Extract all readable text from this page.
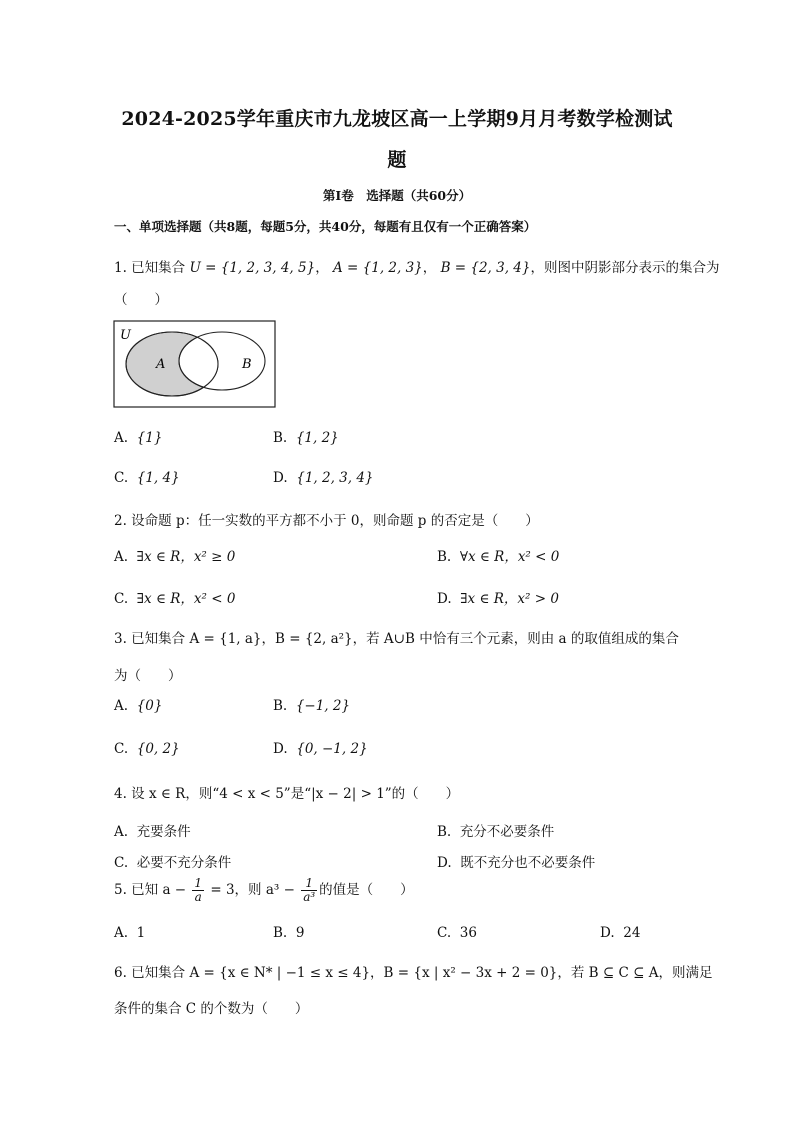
2024-2025学年重庆市九龙坡区高一上学期9月月考数学检测试
题
第I卷　选择题（共60分）
一、单项选择题（共8题，每题5分，共40分，每题有且仅有一个正确答案）
1. 已知集合 U = {1, 2, 3, 4, 5}， A = {1, 2, 3}， B = {2, 3, 4}，则图中阴影部分表示的集合为
（　　）
U
A	B
A. {1}	B. {1, 2}
C. {1, 4}	D. {1, 2, 3, 4}
2. 设命题 p：任一实数的平方都不小于 0，则命题 p 的否定是（　　）
A. ∃x ∈ R，x² ≥ 0	B. ∀x ∈ R，x² < 0
C. ∃x ∈ R，x² < 0	D. ∃x ∈ R，x² > 0
3. 已知集合 A = {1, a}，B = {2, a²}，若 A∪B 中恰有三个元素，则由 a 的取值组成的集合
为（　　）
A. {0}	B. {−1, 2}
C. {0, 2}	D. {0, −1, 2}
4. 设 x ∈ R，则“4 < x < 5”是“|x − 2| > 1”的（　　）
A. 充要条件	B. 充分不必要条件
C. 必要不充分条件	D. 既不充分也不必要条件
5. 已知 $a - \frac{1}{a} = 3$，则 $a^3 - \frac{1}{\text{a³}}$ 的值是（　　）
A. 1	B. 9	C. 36	D. 24
6. 已知集合 A = {x ∈ N* | −1 ≤ x ≤ 4}，B = {x | x² − 3x + 2 = 0}，若 B ⊆ C ⊆ A，则满足
条件的集合 C 的个数为（　　）
